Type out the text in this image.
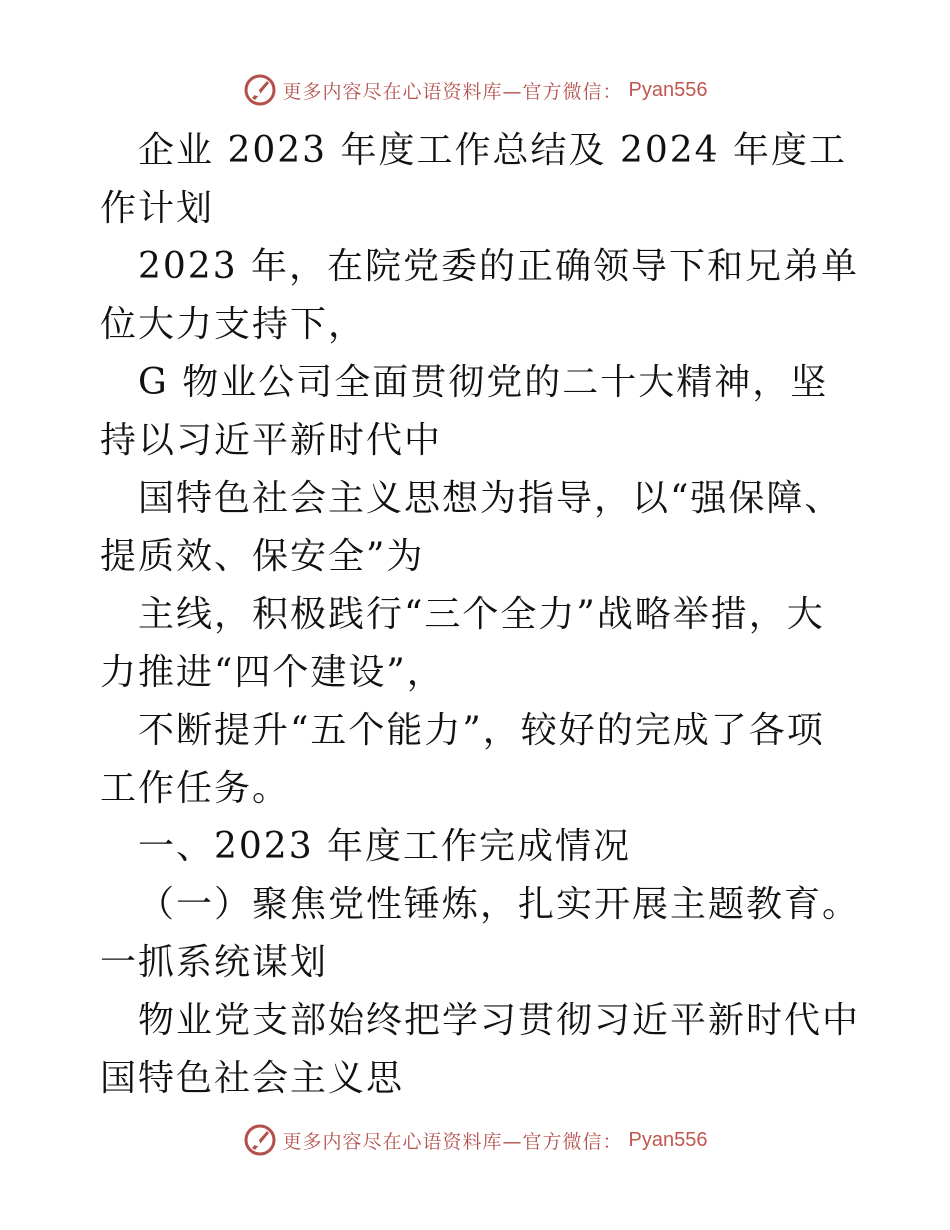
更多内容尽在心语资料库—官方微信： Pyan556

企业 2023 年度工作总结及 2024 年度工作计划

2023 年，在院党委的正确领导下和兄弟单位大力支持下，

G 物业公司全面贯彻党的二十大精神，坚持以习近平新时代中

国特色社会主义思想为指导，以“强保障、提质效、保安全”为

主线，积极践行“三个全力”战略举措，大力推进“四个建设”，

不断提升“五个能力”，较好的完成了各项工作任务。

一、2023 年度工作完成情况

（一）聚焦党性锤炼，扎实开展主题教育。一抓系统谋划

物业党支部始终把学习贯彻习近平新时代中国特色社会主义思

更多内容尽在心语资料库—官方微信： Pyan556
